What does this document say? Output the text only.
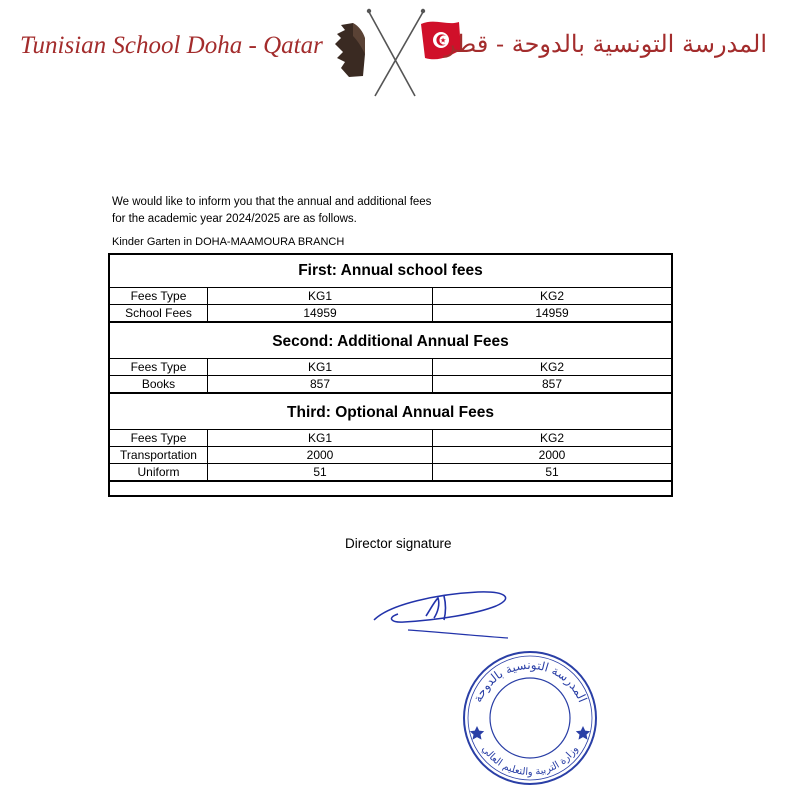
Tunisian School Doha - Qatar	المدرسة التونسية بالدوحة - قطر

We would like to inform you that the annual and additional fees

for the academic year 2024/2025 are as follows.

Kinder Garten in DOHA-MAAMOURA BRANCH
First: Annual school fees
Fees Type	KG1	KG2
School Fees	14959	14959
Second: Additional Annual Fees
Fees Type	KG1	KG2
Books	857	857
Third: Optional Annual Fees
Fees Type	KG1	KG2
Transportation	2000	2000
Uniform	51	51
Director signature
المدرسة التونسية بالدوحة
وزارة التربية والتعليم العالي
